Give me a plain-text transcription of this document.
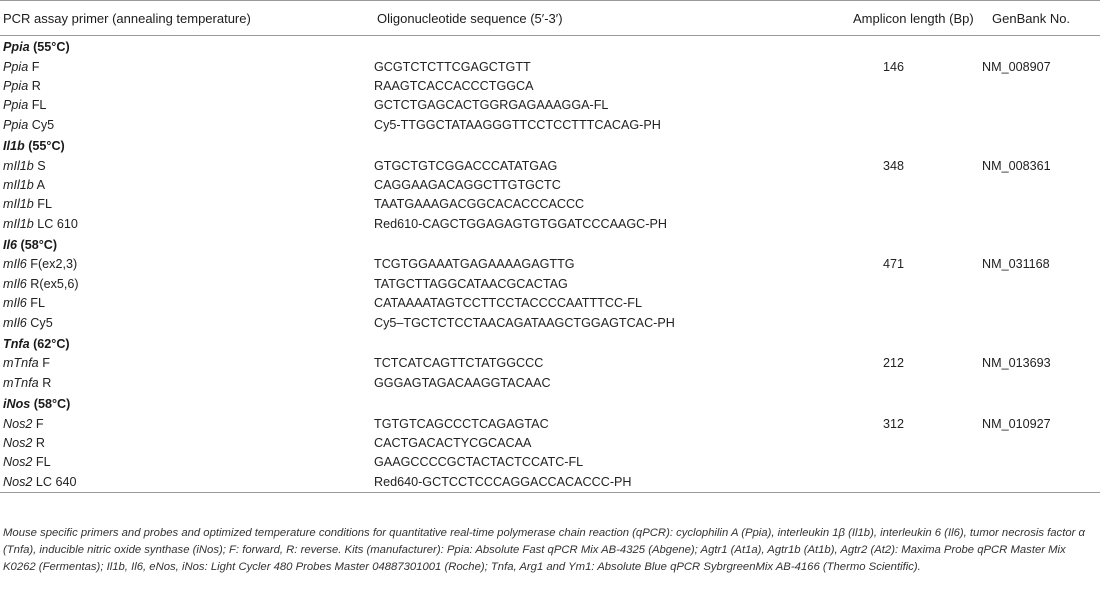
PCR assay primer (annealing temperature)	Oligonucleotide sequence (5′-3′)	Amplicon length (Bp)	GenBank No.
Ppia (55°C)			
Ppia F	GCGTCTCTTCGAGCTGTT	146	NM_008907
Ppia R	RAAGTCACCACCCTGGCA		
Ppia FL	GCTCTGAGCACTGGRGAGAAAGGA-FL		
Ppia Cy5	Cy5-TTGGCTATAAGGGTTCCTCCTTTCACAG-PH		
Il1b (55°C)			
mIl1b S	GTGCTGTCGGACCCATATGAG	348	NM_008361
mIl1b A	CAGGAAGACAGGCTTGTGCTC		
mIl1b FL	TAATGAAAGACGGCACACCCACCC		
mIl1b LC 610	Red610-CAGCTGGAGAGTGTGGATCCCAAGC-PH		
Il6 (58°C)			
mIl6 F(ex2,3)	TCGTGGAAATGAGAAAAGAGTTG	471	NM_031168
mIl6 R(ex5,6)	TATGCTTAGGCATAACGCACTAG		
mIl6 FL	CATAAAATAGTCCTTCCTACCCCAATTTCC-FL		
mIl6 Cy5	Cy5–TGCTCTCCTAACAGATAAGCTGGAGTCAC-PH		
Tnfa (62°C)			
mTnfa F	TCTCATCAGTTCTATGGCCC	212	NM_013693
mTnfa R	GGGAGTAGACAAGGTACAAC		
iNos (58°C)			
Nos2 F	TGTGTCAGCCCTCAGAGTAC	312	NM_010927
Nos2 R	CACTGACACTYCGCACAA		
Nos2 FL	GAAGCCCCGCTACTACTCCATC-FL		
Nos2 LC 640	Red640-GCTCCTCCCAGGACCACACCC-PH		
Mouse specific primers and probes and optimized temperature conditions for quantitative real-time polymerase chain reaction (qPCR): cyclophilin A (Ppia), interleukin 1β (Il1b), interleukin 6 (Il6), tumor necrosis factor α (Tnfa), inducible nitric oxide synthase (iNos); F: forward, R: reverse. Kits (manufacturer): Ppia: Absolute Fast qPCR Mix AB-4325 (Abgene); Agtr1 (At1a), Agtr1b (At1b), Agtr2 (At2): Maxima Probe qPCR Master Mix K0262 (Fermentas); Il1b, Il6, eNos, iNos: Light Cycler 480 Probes Master 04887301001 (Roche); Tnfa, Arg1 and Ym1: Absolute Blue qPCR SybrgreenMix AB-4166 (Thermo Scientific).
